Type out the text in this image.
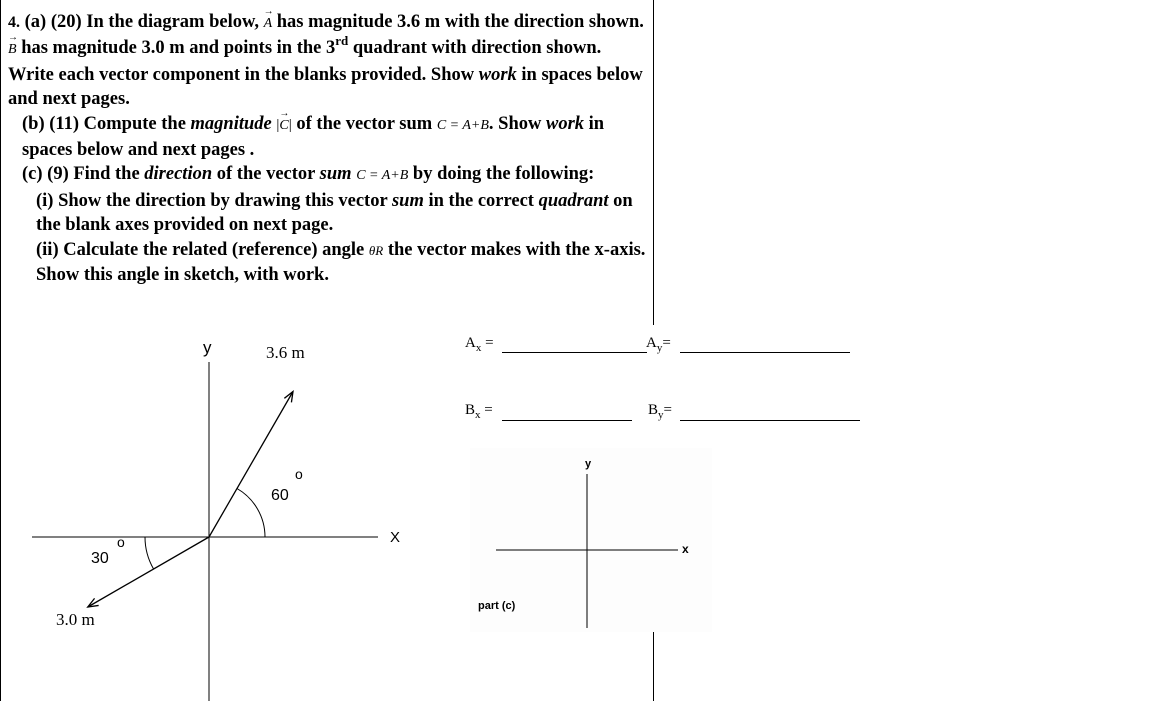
4. (a) (20) In the diagram below, → A has magnitude 3.6 m with the direction shown. → B has magnitude 3.0 m and points in the 3rd quadrant with direction shown. Write each vector component in the blanks provided. Show work in spaces below and next pages.

(b) (11) Compute the magnitude |→ C| of the vector sum C = A+B. Show work in spaces below and next pages .

(c) (9) Find the direction of the vector sum C = A+B by doing the following:

(i) Show the direction by drawing this vector sum in the correct quadrant on the blank axes provided on next page.

(ii) Calculate the related (reference) angle θR the vector makes with the x-axis. Show this angle in sketch, with work.

y
X
3.6 m
60
o
30
o
3.0 m
$A_x$ =	$A_y=$
$B_x$ =	$B_y=$
y
x
part (c)
